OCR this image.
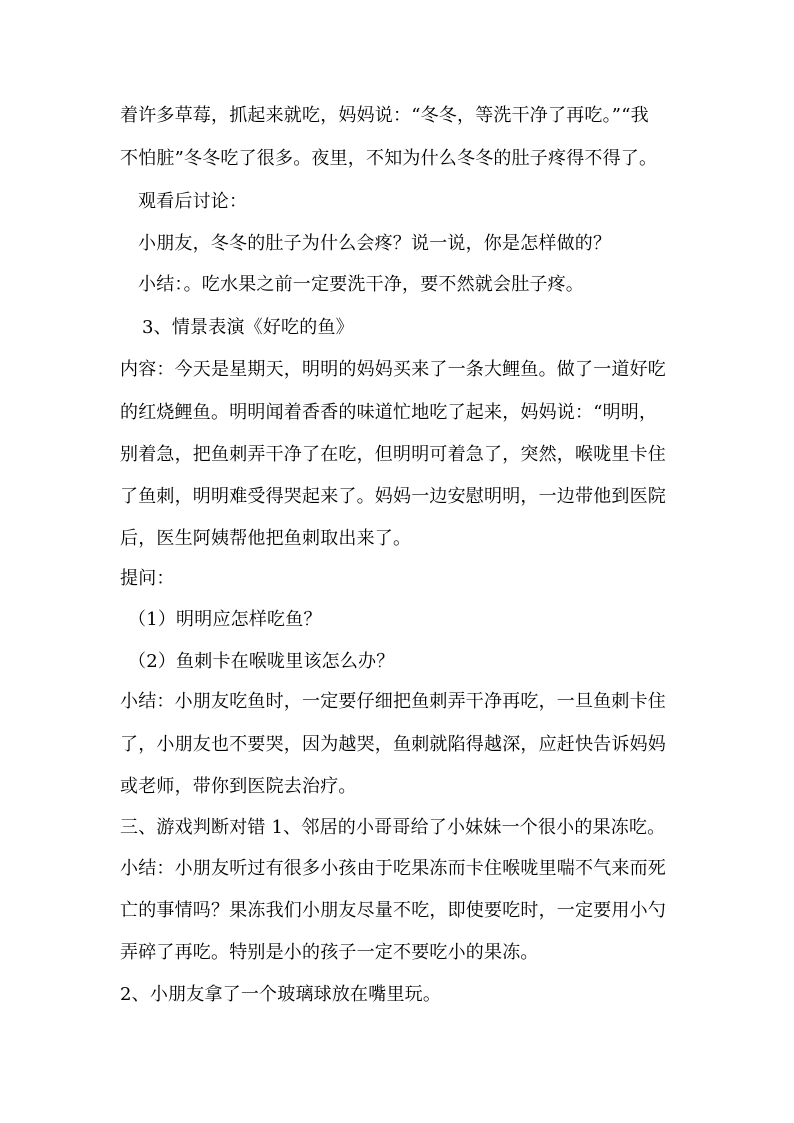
着许多草莓，抓起来就吃，妈妈说：“冬冬，等洗干净了再吃。”“我
不怕脏”冬冬吃了很多。夜里，不知为什么冬冬的肚子疼得不得了。
观看后讨论：
小朋友，冬冬的肚子为什么会疼？说一说，你是怎样做的？
小结：。吃水果之前一定要洗干净，要不然就会肚子疼。
3、情景表演《好吃的鱼》
内容：今天是星期天，明明的妈妈买来了一条大鲤鱼。做了一道好吃
的红烧鲤鱼。明明闻着香香的味道忙地吃了起来，妈妈说：“明明，
别着急，把鱼刺弄干净了在吃，但明明可着急了，突然，喉咙里卡住
了鱼刺，明明难受得哭起来了。妈妈一边安慰明明，一边带他到医院
后，医生阿姨帮他把鱼刺取出来了。
提问：
（1）明明应怎样吃鱼？
（2）鱼刺卡在喉咙里该怎么办？
小结：小朋友吃鱼时，一定要仔细把鱼刺弄干净再吃，一旦鱼刺卡住
了，小朋友也不要哭，因为越哭，鱼刺就陷得越深，应赶快告诉妈妈
或老师，带你到医院去治疗。
三、游戏判断对错 1、邻居的小哥哥给了小妹妹一个很小的果冻吃。
小结：小朋友听过有很多小孩由于吃果冻而卡住喉咙里喘不气来而死
亡的事情吗？果冻我们小朋友尽量不吃，即使要吃时，一定要用小勺
弄碎了再吃。特别是小的孩子一定不要吃小的果冻。
2、小朋友拿了一个玻璃球放在嘴里玩。
